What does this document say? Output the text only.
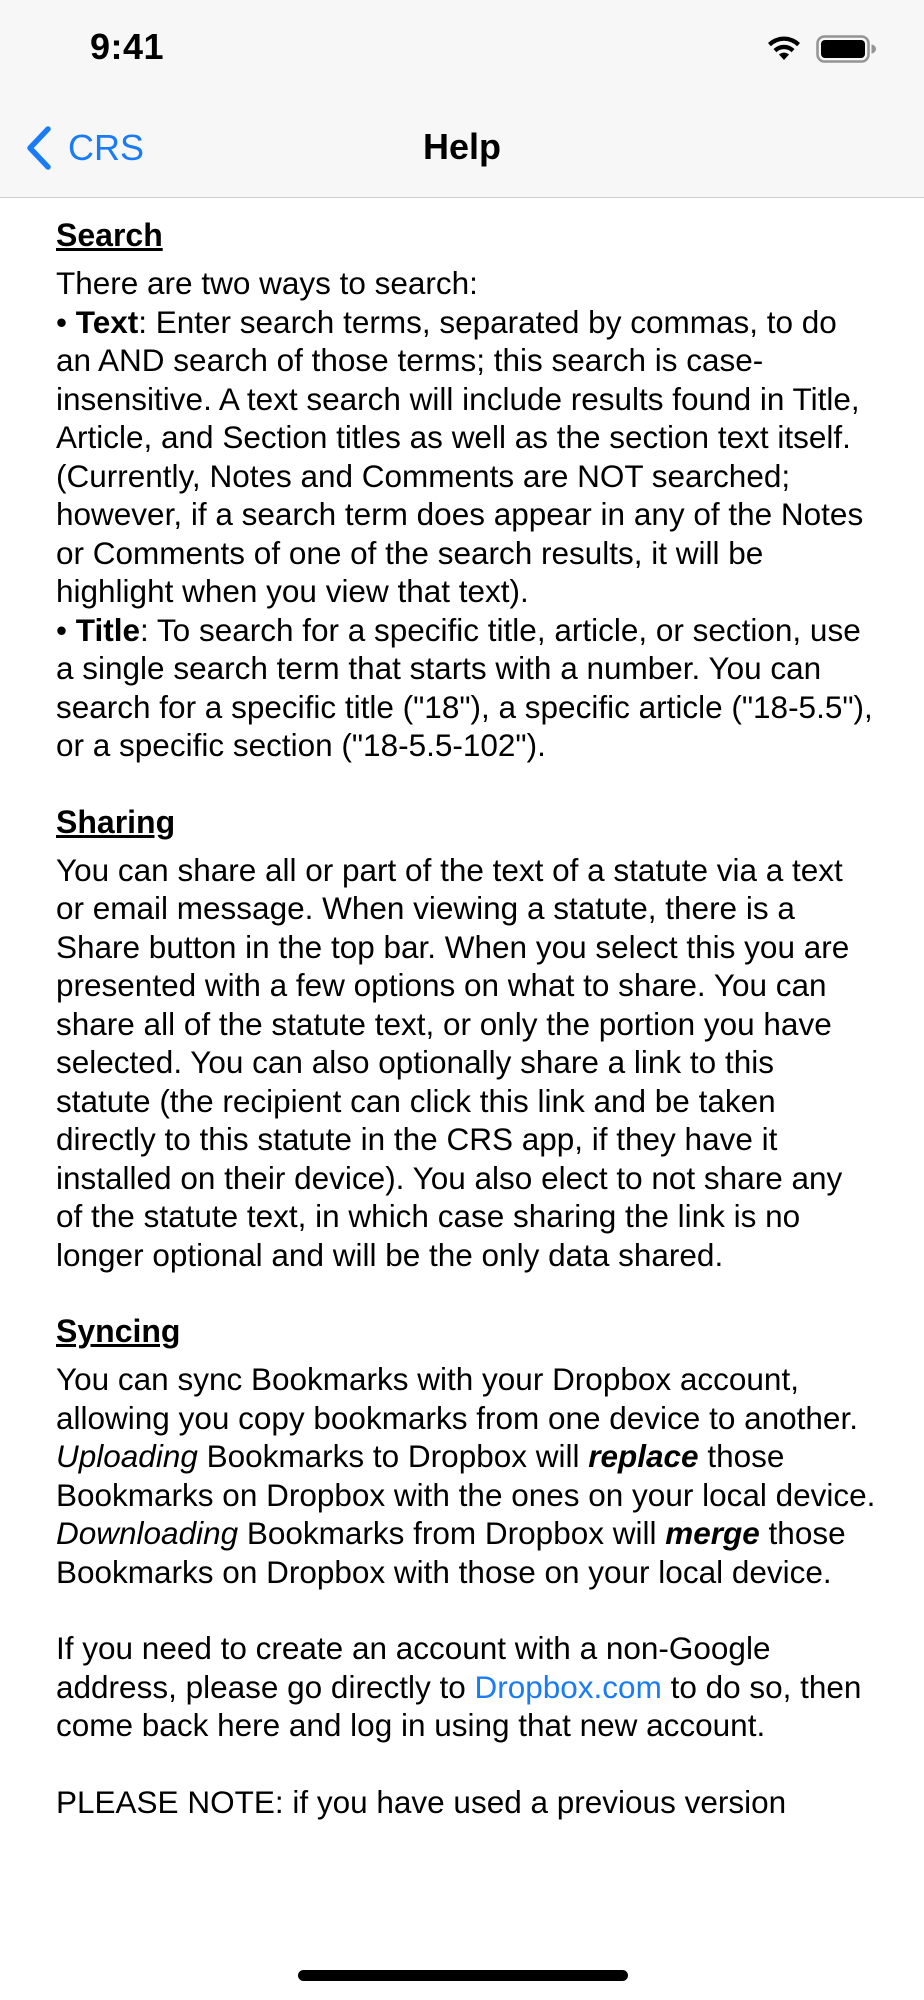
9:41
CRS	Help
Search

There are two ways to search:
• Text: Enter search terms, separated by commas, to do an AND search of those terms; this search is case-insensitive. A text search will include results found in Title, Article, and Section titles as well as the section text itself. (Currently, Notes and Comments are NOT searched; however, if a search term does appear in any of the Notes or Comments of one of the search results, it will be highlight when you view that text).
• Title: To search for a specific title, article, or section, use a single search term that starts with a number. You can search for a specific title ("18"), a specific article ("18-5.5"), or a specific section ("18-5.5-102").

Sharing

You can share all or part of the text of a statute via a text or email message. When viewing a statute, there is a Share button in the top bar. When you select this you are presented with a few options on what to share. You can share all of the statute text, or only the portion you have selected. You can also optionally share a link to this statute (the recipient can click this link and be taken directly to this statute in the CRS app, if they have it installed on their device). You also elect to not share any of the statute text, in which case sharing the link is no longer optional and will be the only data shared.

Syncing

You can sync Bookmarks with your Dropbox account, allowing you copy bookmarks from one device to another. Uploading Bookmarks to Dropbox will replace those Bookmarks on Dropbox with the ones on your local device. Downloading Bookmarks from Dropbox will merge those Bookmarks on Dropbox with those on your local device.

If you need to create an account with a non-Google address, please go directly to Dropbox.com to do so, then come back here and log in using that new account.

PLEASE NOTE: if you have used a previous version
